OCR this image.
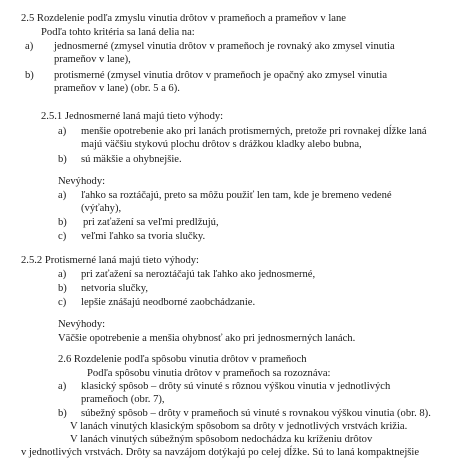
2.5 Rozdelenie podľa zmyslu vinutia drôtov v prameňoch a prameňov v lane
Podľa tohto kritéria sa laná delia na:
a) jednosmerné (zmysel vinutia drôtov v prameňoch je rovnaký ako zmysel vinutia
prameňov v lane),
b) protismerné (zmysel vinutia drôtov v prameňoch je opačný ako zmysel vinutia
prameňov v lane) (obr. 5 a 6).
2.5.1 Jednosmerné laná majú tieto výhody:
a) menšie opotrebenie ako pri lanách protismerných, pretože pri rovnakej dĺžke laná
majú väčšiu stykovú plochu drôtov s drážkou kladky alebo bubna,
b) sú mäkšie a ohybnejšie.
Nevýhody:
a) ľahko sa roztáčajú, preto sa môžu použiť len tam, kde je bremeno vedené
(výťahy),
b) pri zaťažení sa veľmi predlžujú,
c) veľmi ľahko sa tvoria slučky.
2.5.2 Protismerné laná majú tieto výhody:
a) pri zaťažení sa neroztáčajú tak ľahko ako jednosmerné,
b) netvoria slučky,
c) lepšie znášajú neodborné zaobchádzanie.
Nevýhody:
Väčšie opotrebenie a menšia ohybnosť ako pri jednosmerných lanách.
2.6 Rozdelenie podľa spôsobu vinutia drôtov v prameňoch
Podľa spôsobu vinutia drôtov v prameňoch sa rozoznáva:
a) klasický spôsob – drôty sú vinuté s rôznou výškou vinutia v jednotlivých
prameňoch (obr. 7),
b) súbežný spôsob – drôty v prameňoch sú vinuté s rovnakou výškou vinutia (obr. 8).
V lanách vinutých klasickým spôsobom sa drôty v jednotlivých vrstvách križia.
V lanách vinutých súbežným spôsobom nedochádza ku kríženiu drôtov
v jednotlivých vrstvách. Drôty sa navzájom dotýkajú po celej dĺžke. Sú to laná kompaktnejšie
